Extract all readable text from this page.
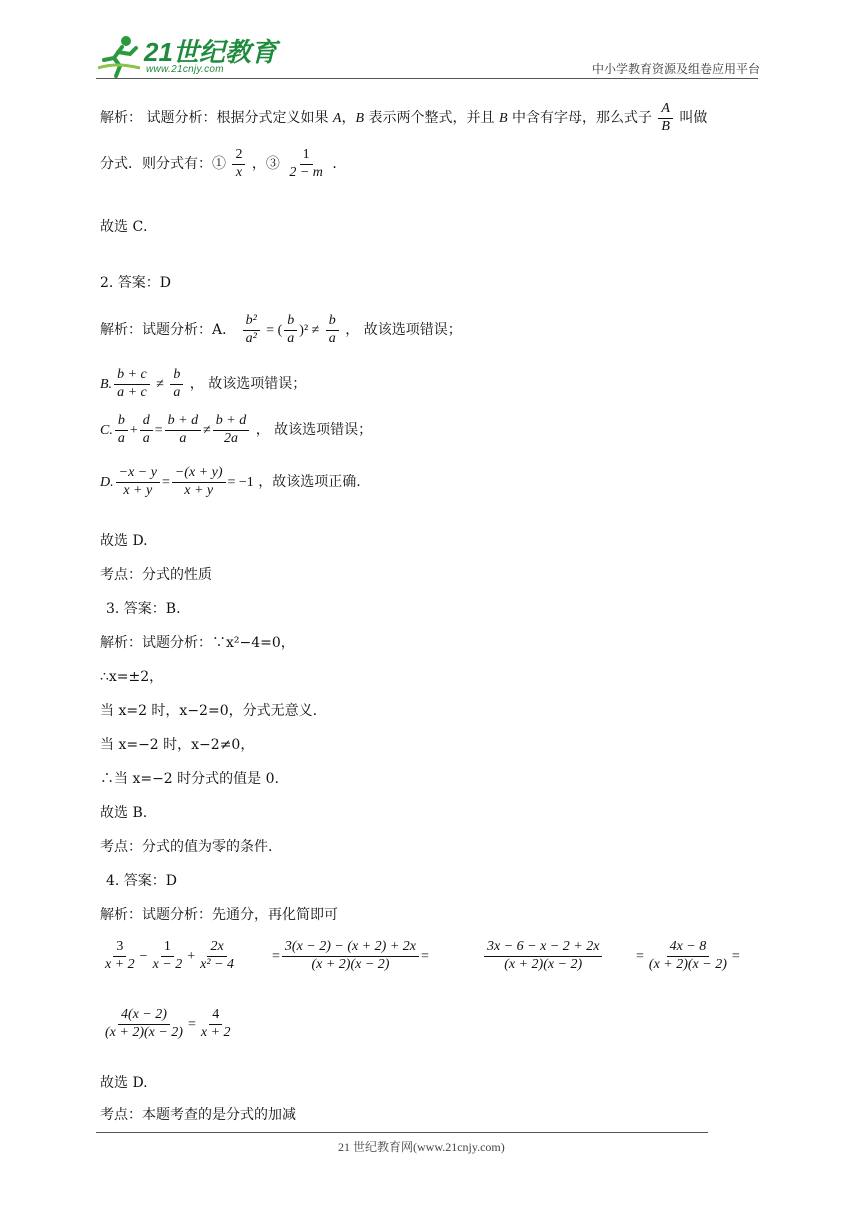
21世纪教育
www.21cnjy.com	中小学教育资源及组卷应用平台
解析： 试题分析：根据分式定义如果 A，B 表示两个整式，并且 B 中含有字母，那么式子 $\frac{A}{B}$ 叫做
分式．则分式有：① $\frac{2}{x}$ ，③ $\frac{1}{2 - m}$ ．
故选 C．
2. 答案：D
解析：试题分析：A． $\frac{\text{b²}}{\text{a²}}$ = ( $\frac{b}{a} )^2 \ne \frac{b}{a}$ ， 故该选项错误；
B. $\frac{b + c}{a + c} \ne \frac{b}{a}$ ， 故该选项错误；
C. $\frac{b}{a} + \frac{d}{a} = \frac{b + d}{a} \ne \frac{b + d}{2a}$ ， 故该选项错误；
D. $\frac{-x - y}{x + y} = \frac{-(x + y)}{x + y} = -1$ ，故该选项正确.
故选 D.
考点：分式的性质
3. 答案：B.
解析：试题分析：∵x²−4=0，
∴x=±2，
当 x=2 时，x−2=0，分式无意义.
当 x=−2 时，x−2≠0，
∴当 x=−2 时分式的值是 0.
故选 B.
考点：分式的值为零的条件.
4. 答案：D
解析：试题分析：先通分，再化简即可
$\frac{3}{x + 2} - \frac{1}{x - 2} + \frac{2x}{\text{x² − 4}} = \frac{3(x - 2) - (x + 2) + 2x}{(x + 2)(x - 2)}$ =	$\frac{3x - 6 - x - 2 + 2x}{(x + 2)(x - 2)} = \frac{4x - 8}{(x + 2)(x - 2)}$ =
$\frac{4(x - 2)}{(x + 2)(x - 2)} = \frac{4}{x + 2}$
故选 D.
考点：本题考查的是分式的加减
21 世纪教育网(www.21cnjy.com)
